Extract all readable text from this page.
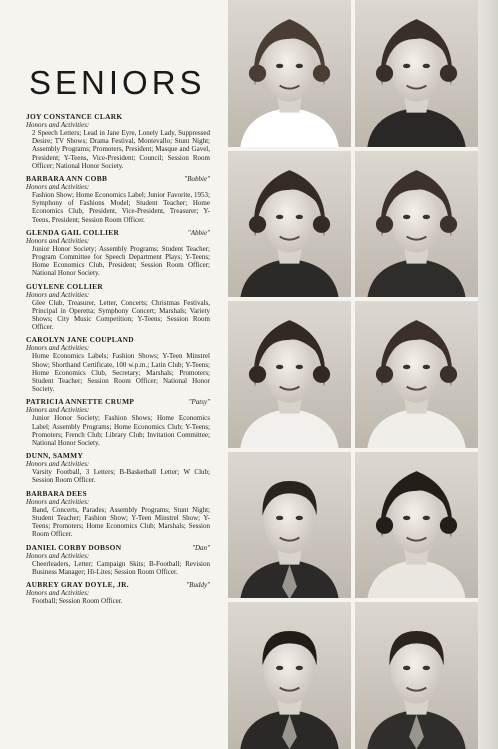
SENIORS
JOY CONSTANCE CLARK
Honors and Activities:
2 Speech Letters; Lead in Jane Eyre, Lonely Lady, Suppressed Desire; TV Shows; Drama Festival, Montevallo; Stunt Night; Assembly Programs; Promoters, President; Masque and Gavel, President; Y-Teens, Vice-President; Council; Session Room Officer; National Honor Society.
BARBARA ANN COBB	"Bobbie"
Honors and Activities:
Fashion Show; Home Economics Label; Junior Favorite, 1953; Symphony of Fashions Model; Student Teacher; Home Economics Club, President, Vice-President, Treasurer; Y-Teens, President; Session Room Officer.
GLENDA GAIL COLLIER	"Abbie"
Honors and Activities:
Junior Honor Society; Assembly Programs; Student Teacher; Program Committee for Speech Department Plays; Y-Teens; Home Economics Club, President; Session Room Officer; National Honor Society.
GUYLENE COLLIER
Honors and Activities:
Glee Club, Treasurer, Letter, Concerts; Christmas Festivals, Principal in Operetta; Symphony Concert; Marshals; Variety Shows; City Music Competition; Y-Teens; Session Room Officer.
CAROLYN JANE COUPLAND
Honors and Activities:
Home Economics Labels; Fashion Shows; Y-Teen Minstrel Show; Shorthand Certificate, 100 w.p.m.; Latin Club; Y-Teens; Home Economics Club, Secretary; Marshals; Promoters; Student Teacher; Session Room Officer; National Honor Society.
PATRICIA ANNETTE CRUMP	"Patsy"
Honors and Activities:
Junior Honor Society; Fashion Shows; Home Economics Label; Assembly Programs; Home Economics Club; Y-Teens; Promoters; French Club; Library Club; Invitation Committee; National Honor Society.
DUNN, SAMMY
Honors and Activities:
Varsity Football, 3 Letters; B-Basketball Letter; W Club; Session Room Officer.
BARBARA DEES
Honors and Activities:
Band, Concerts, Parades; Assembly Programs; Stunt Night; Student Teacher; Fashion Show; Y-Teen Minstrel Show; Y-Teens; Promoters; Home Economics Club; Marshals; Session Room Officer.
DANIEL CORBY DOBSON	"Dan"
Honors and Activities:
Cheerleaders, Letter; Campaign Skits; B-Football; Revision Business Manager; Hi-Lites; Session Room Officer.
AUBREY GRAY DOYLE, JR.	"Buddy"
Honors and Activities:
Football; Session Room Officer.
